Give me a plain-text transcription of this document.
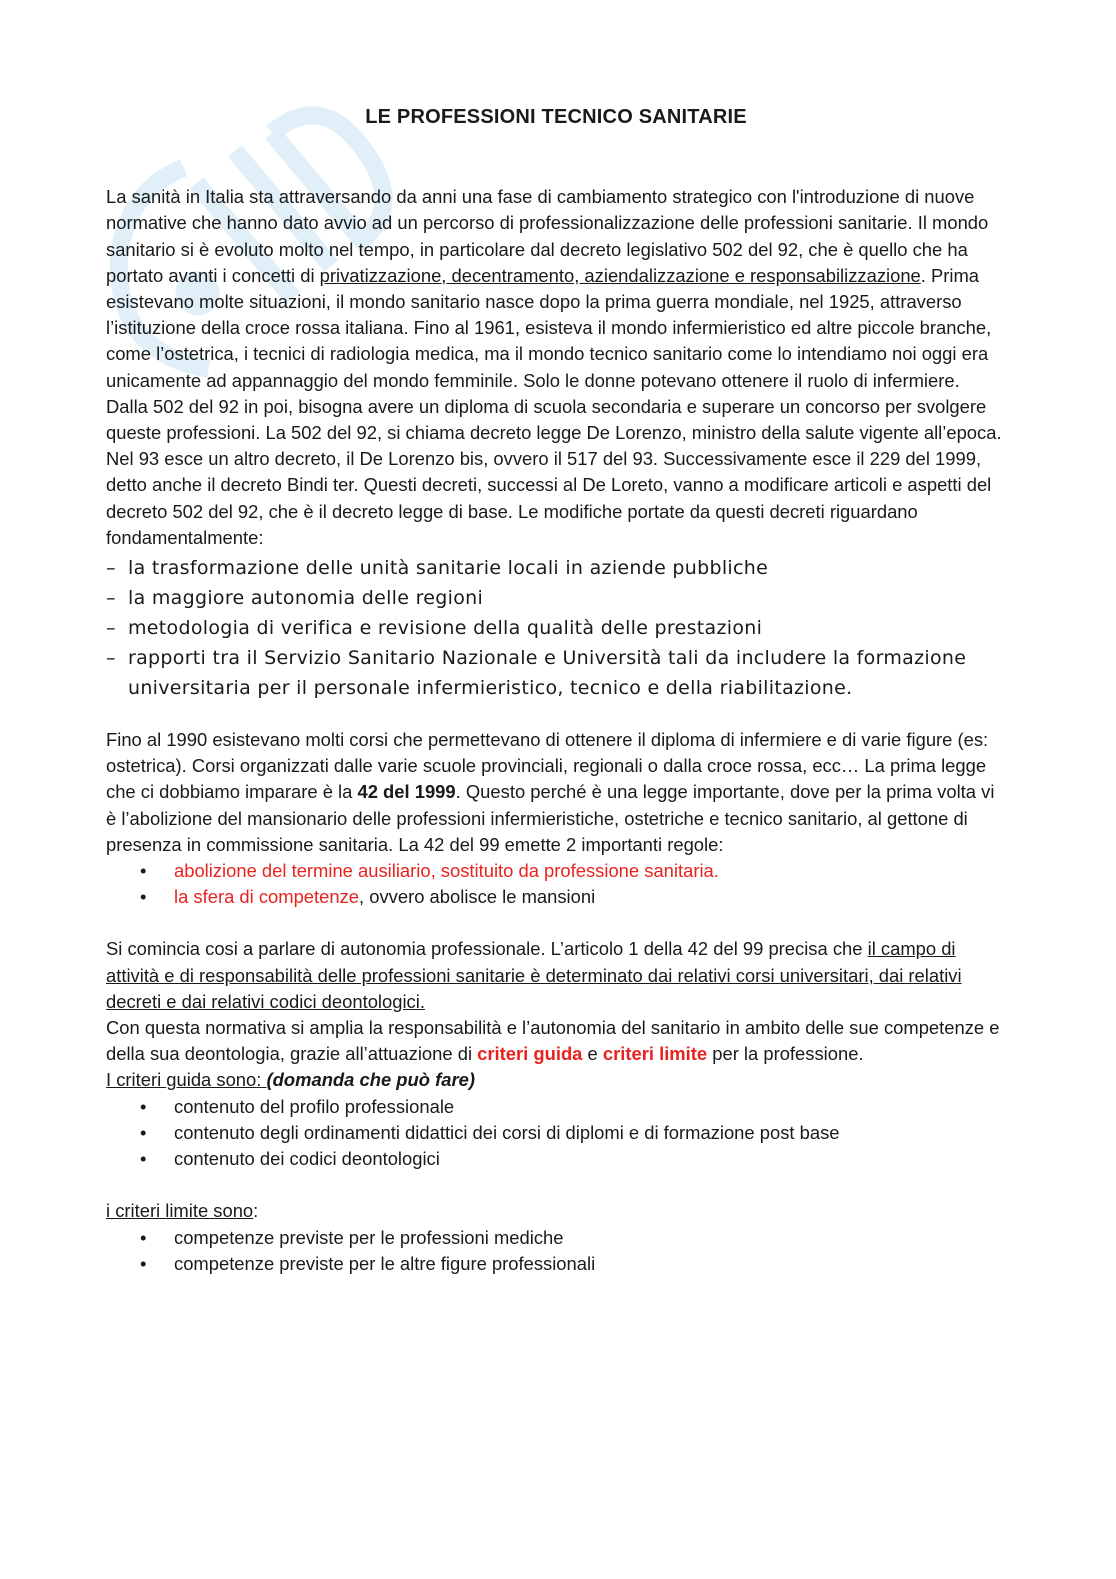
LE PROFESSIONI TECNICO SANITARIE

La sanità in Italia sta attraversando da anni una fase di cambiamento strategico con l'introduzione di nuove normative che hanno dato avvio ad un percorso di professionalizzazione delle professioni sanitarie. Il mondo sanitario si è evoluto molto nel tempo, in particolare dal decreto legislativo 502 del 92, che è quello che ha portato avanti i concetti di privatizzazione, decentramento, aziendalizzazione e responsabilizzazione. Prima esistevano molte situazioni, il mondo sanitario nasce dopo la prima guerra mondiale, nel 1925, attraverso l’istituzione della croce rossa italiana. Fino al 1961, esisteva il mondo infermieristico ed altre piccole branche, come l’ostetrica, i tecnici di radiologia medica, ma il mondo tecnico sanitario come lo intendiamo noi oggi era unicamente ad appannaggio del mondo femminile. Solo le donne potevano ottenere il ruolo di infermiere. Dalla 502 del 92 in poi, bisogna avere un diploma di scuola secondaria e superare un concorso per svolgere queste professioni. La 502 del 92, si chiama decreto legge De Lorenzo, ministro della salute vigente all’epoca. Nel 93 esce un altro decreto, il De Lorenzo bis, ovvero il 517 del 93. Successivamente esce il 229 del 1999, detto anche il decreto Bindi ter. Questi decreti, successi al De Loreto, vanno a modificare articoli e aspetti del decreto 502 del 92, che è il decreto legge di base. Le modifiche portate da questi decreti riguardano fondamentalmente:

– la trasformazione delle unità sanitarie locali in aziende pubbliche
– la maggiore autonomia delle regioni
– metodologia di verifica e revisione della qualità delle prestazioni
– rapporti tra il Servizio Sanitario Nazionale e Università tali da includere la formazione universitaria per il personale infermieristico, tecnico e della riabilitazione.

Fino al 1990 esistevano molti corsi che permettevano di ottenere il diploma di infermiere e di varie figure (es: ostetrica). Corsi organizzati dalle varie scuole provinciali, regionali o dalla croce rossa, ecc… La prima legge che ci dobbiamo imparare è la 42 del 1999. Questo perché è una legge importante, dove per la prima volta vi è l’abolizione del mansionario delle professioni infermieristiche, ostetriche e tecnico sanitario, al gettone di presenza in commissione sanitaria. La 42 del 99 emette 2 importanti regole:

• abolizione del termine ausiliario, sostituito da professione sanitaria.
• la sfera di competenze, ovvero abolisce le mansioni

Si comincia cosi a parlare di autonomia professionale. L’articolo 1 della 42 del 99 precisa che il campo di attività e di responsabilità delle professioni sanitarie è determinato dai relativi corsi universitari, dai relativi decreti e dai relativi codici deontologici.

Con questa normativa si amplia la responsabilità e l’autonomia del sanitario in ambito delle sue competenze e della sua deontologia, grazie all’attuazione di criteri guida e criteri limite per la professione.

I criteri guida sono: (domanda che può fare)

• contenuto del profilo professionale
• contenuto degli ordinamenti didattici dei corsi di diplomi e di formazione post base
• contenuto dei codici deontologici

i criteri limite sono:

• competenze previste per le professioni mediche
• competenze previste per le altre figure professionali
